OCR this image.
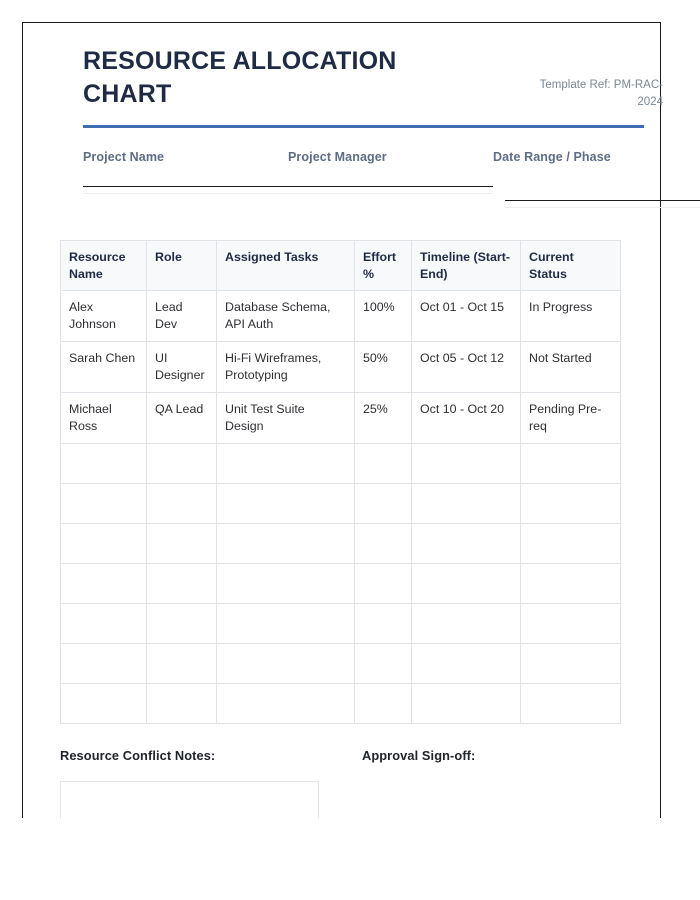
RESOURCE ALLOCATION CHART	Template Ref: PM-RAC-2024
Project Name	Project Manager	Date Range / Phase
Resource Name	Role	Assigned Tasks	Effort %	Timeline (Start-End)	Current Status
Alex Johnson	Lead Dev	Database Schema, API Auth	100%	Oct 01 - Oct 15	In Progress
Sarah Chen	UI Designer	Hi-Fi Wireframes, Prototyping	50%	Oct 05 - Oct 12	Not Started
Michael Ross	QA Lead	Unit Test Suite Design	25%	Oct 10 - Oct 20	Pending Pre-req

Resource Conflict Notes:	Approval Sign-off:
